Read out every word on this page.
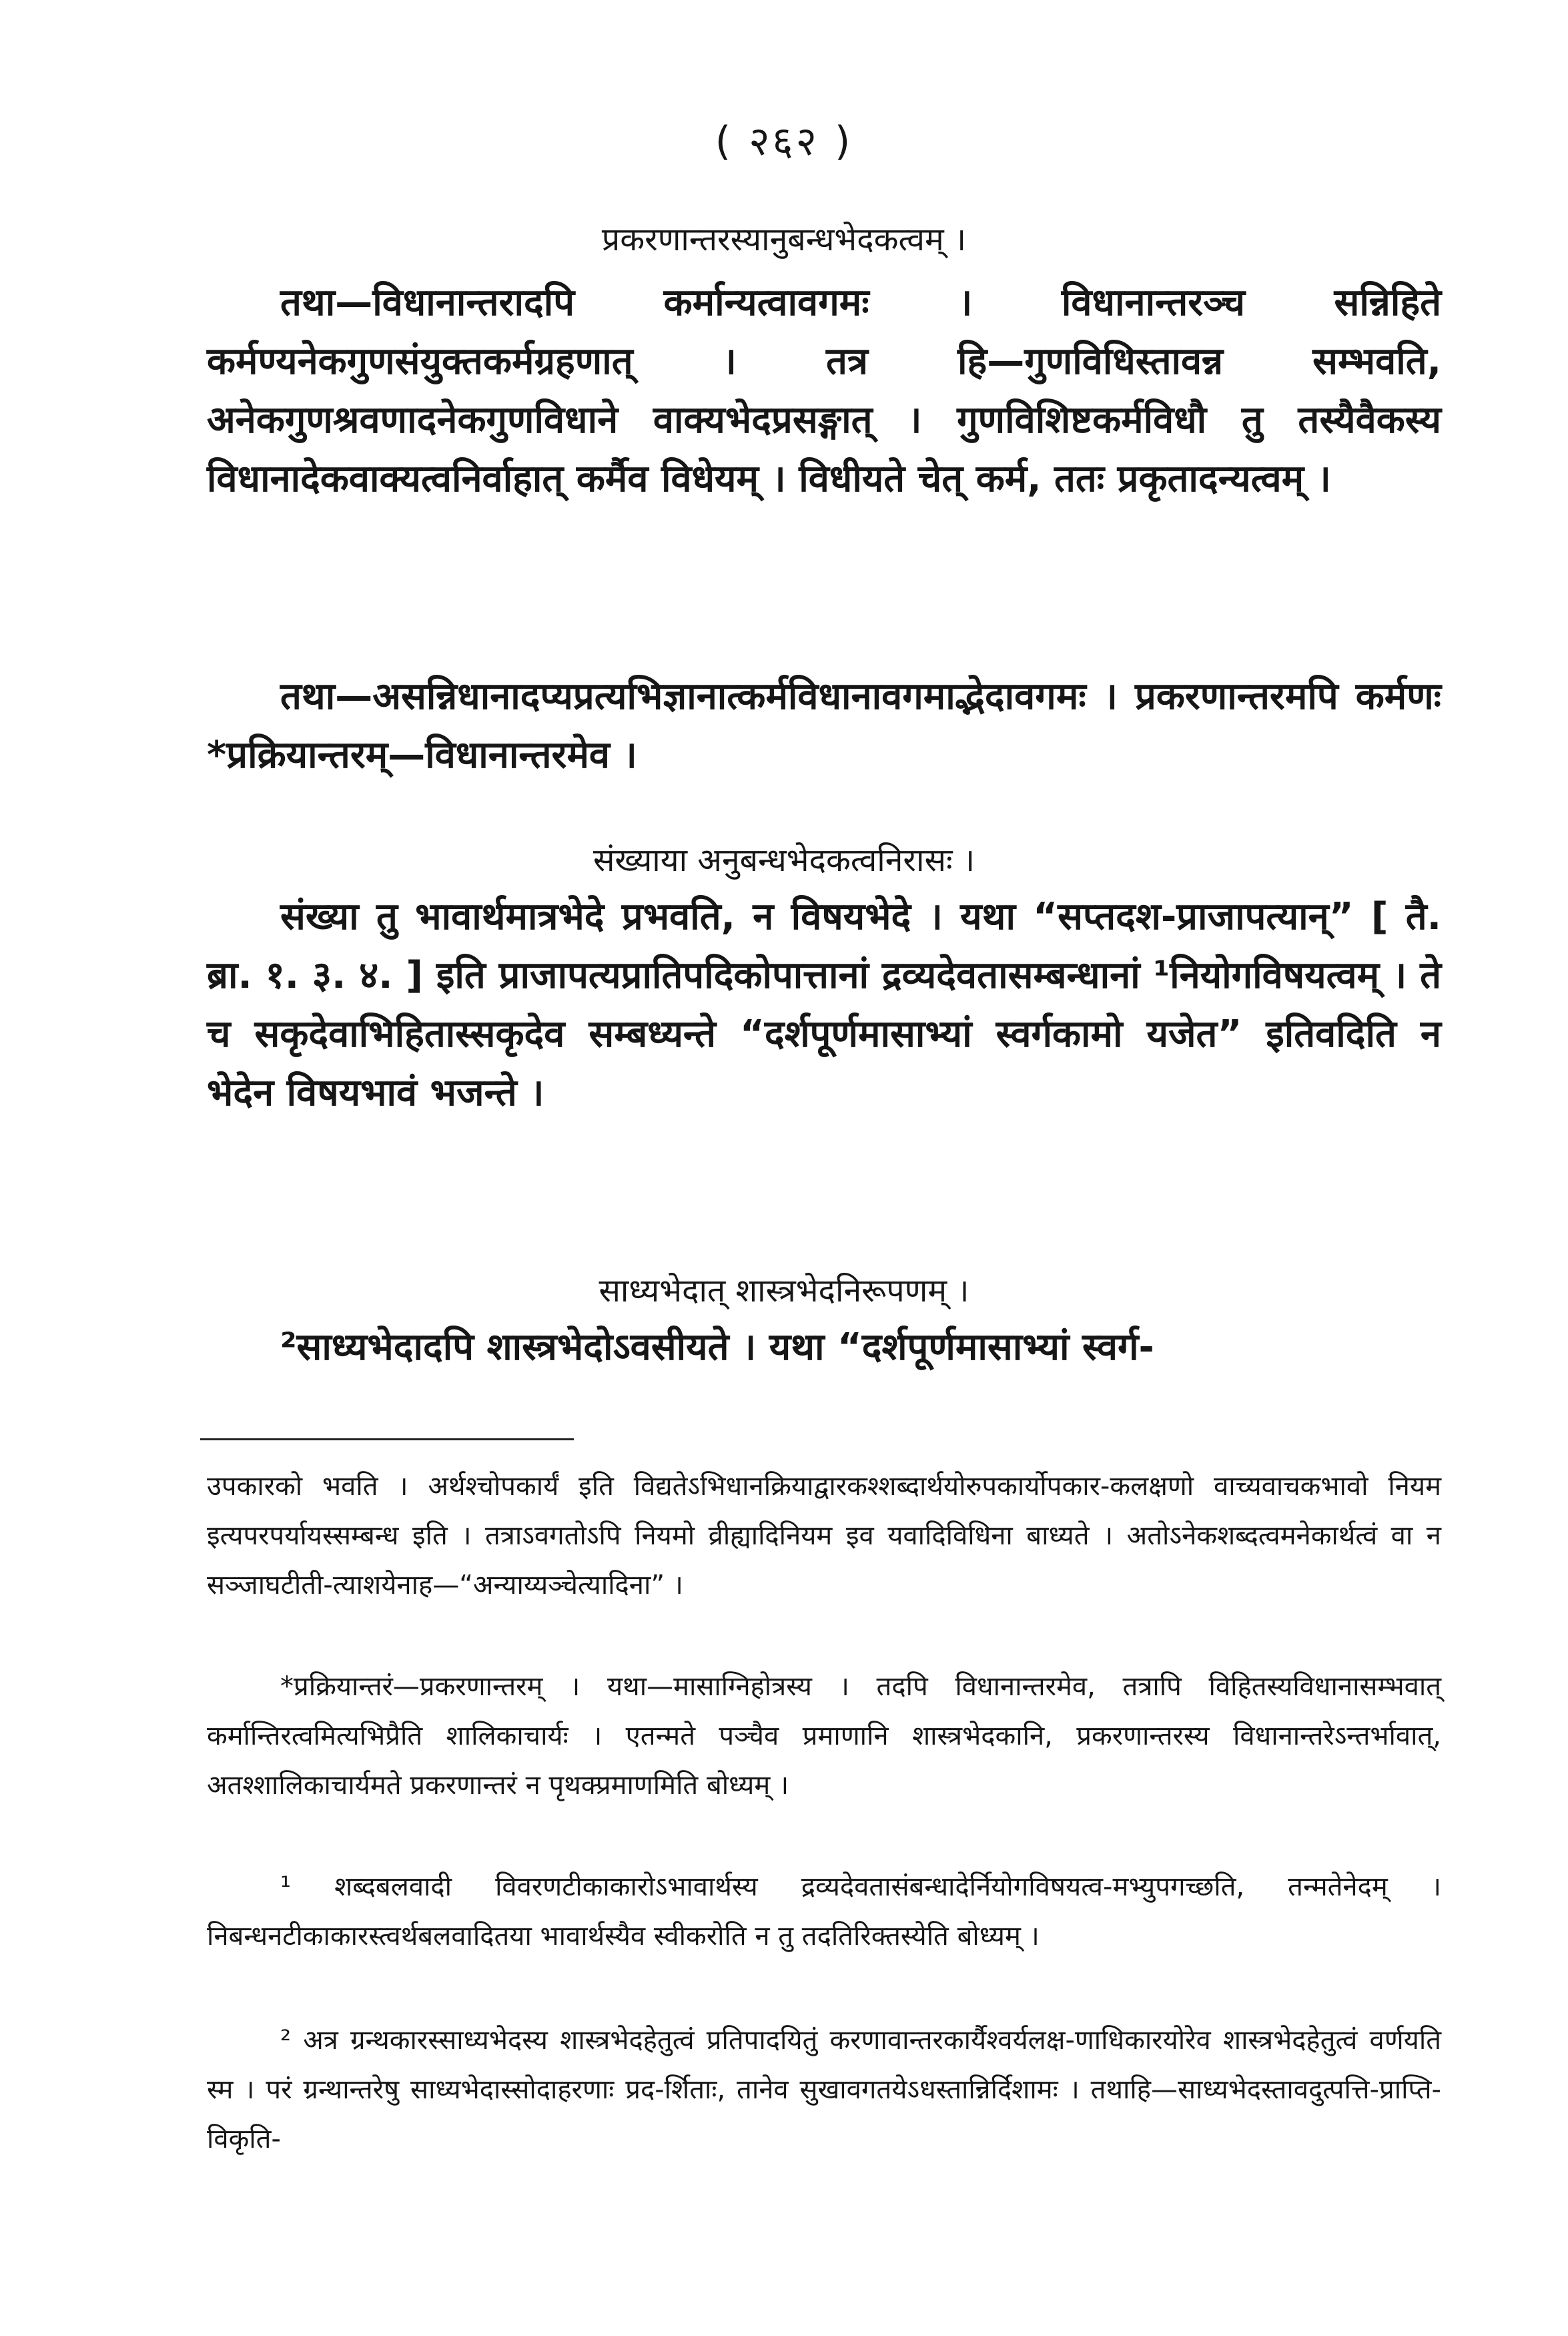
( २६२ )
प्रकरणान्तरस्यानुबन्धभेदकत्वम् ।
तथा—विधानान्तरादपि कर्मान्यत्वावगमः । विधानान्तरञ्च सन्निहिते कर्मण्यनेकगुणसंयुक्तकर्मग्रहणात् । तत्र हि—गुणविधिस्तावन्न सम्भवति, अनेकगुणश्रवणादनेकगुणविधाने वाक्यभेदप्रसङ्गात् । गुणविशिष्टकर्मविधौ तु तस्यैवैकस्य विधानादेकवाक्यत्वनिर्वाहात् कर्मैव विधेयम् । विधीयते चेत् कर्म, ततः प्रकृतादन्यत्वम् ।
तथा—असन्निधानादप्यप्रत्यभिज्ञानात्कर्मविधानावगमाद्भेदावगमः । प्रकरणान्तरमपि कर्मणः *प्रक्रियान्तरम्—विधानान्तरमेव ।
संख्याया अनुबन्धभेदकत्वनिरासः ।
संख्या तु भावार्थमात्रभेदे प्रभवति, न विषयभेदे । यथा “सप्तदश-प्राजापत्यान्” [ तै. ब्रा. १. ३. ४. ] इति प्राजापत्यप्रातिपदिकोपात्तानां द्रव्यदेवतासम्बन्धानां ¹नियोगविषयत्वम् । ते च सकृदेवाभिहितास्सकृदेव सम्बध्यन्ते “दर्शपूर्णमासाभ्यां स्वर्गकामो यजेत” इतिवदिति न भेदेन विषयभावं भजन्ते ।
साध्यभेदात् शास्त्रभेदनिरूपणम् ।
²साध्यभेदादपि शास्त्रभेदोऽवसीयते । यथा “दर्शपूर्णमासाभ्यां स्वर्ग-
उपकारको भवति । अर्थश्चोपकार्यं इति विद्यतेऽभिधानक्रियाद्वारकश्शब्दार्थयोरुपकार्योपकार-कलक्षणो वाच्यवाचकभावो नियम इत्यपरपर्यायस्सम्बन्ध इति । तत्राऽवगतोऽपि नियमो व्रीह्यादिनियम इव यवादिविधिना बाध्यते । अतोऽनेकशब्दत्वमनेकार्थत्वं वा न सञ्जाघटीती-त्याशयेनाह—“अन्याय्यञ्चेत्यादिना” ।
*प्रक्रियान्तरं—प्रकरणान्तरम् । यथा—मासाग्निहोत्रस्य । तदपि विधानान्तरमेव, तत्रापि विहितस्यविधानासम्भवात् कर्मान्तिरत्वमित्यभिप्रैति शालिकाचार्यः । एतन्मते पञ्चैव प्रमाणानि शास्त्रभेदकानि, प्रकरणान्तरस्य विधानान्तरेऽन्तर्भावात्, अतश्शालिकाचार्यमते प्रकरणान्तरं न पृथक्प्रमाणमिति बोध्यम् ।
¹ शब्दबलवादी विवरणटीकाकारोऽभावार्थस्य द्रव्यदेवतासंबन्धादेर्नियोगविषयत्व-मभ्युपगच्छति, तन्मतेनेदम् । निबन्धनटीकाकारस्त्वर्थबलवादितया भावार्थस्यैव स्वीकरोति न तु तदतिरिक्तस्येति बोध्यम् ।
² अत्र ग्रन्थकारस्साध्यभेदस्य शास्त्रभेदहेतुत्वं प्रतिपादयितुं करणावान्तरकार्यैश्वर्यलक्ष-णाधिकारयोरेव शास्त्रभेदहेतुत्वं वर्णयति स्म । परं ग्रन्थान्तरेषु साध्यभेदास्सोदाहरणाः प्रद-र्शिताः, तानेव सुखावगतयेऽधस्तान्निर्दिशामः । तथाहि—साध्यभेदस्तावदुत्पत्ति-प्राप्ति-विकृति-
